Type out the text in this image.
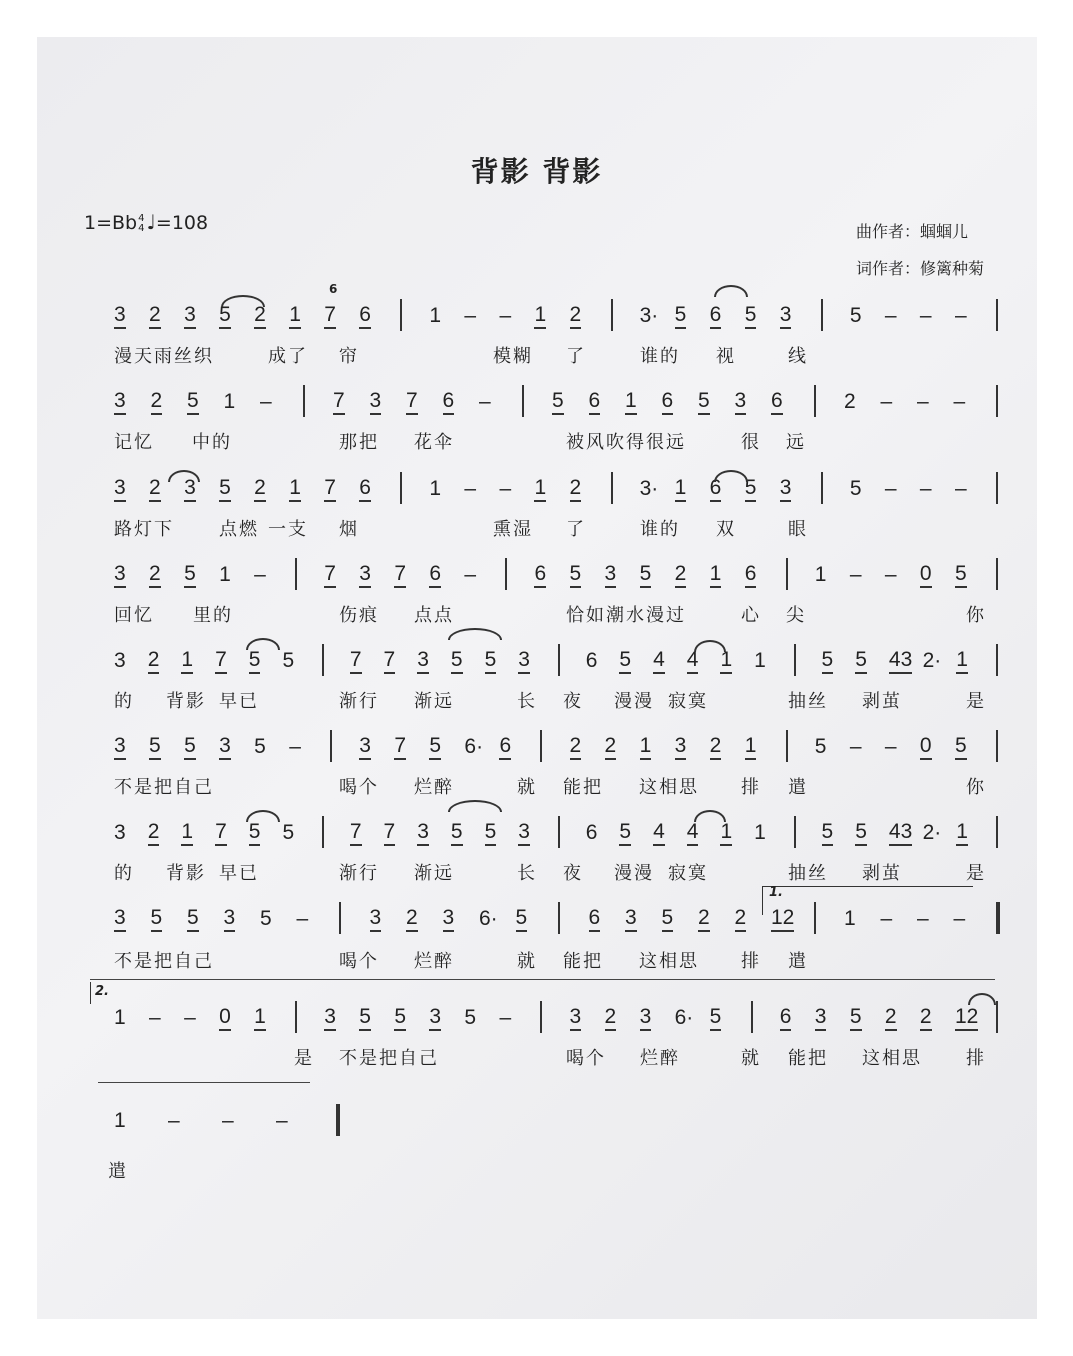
背影 背影
1=Bb4
4 ♩=108	曲作者：蝈蝈儿
词作者：修篱种菊
6
3 2 3 5 2 1 7 6	1 – – 1 2	3· 5 6 5 3	5 – – –
漫天雨丝织	成了 帘	模糊 了	谁的 视	线
3 2 5 1 –	7 3 7 6 –	5 6 1 6 5 3 6	2 – – –
记忆 中的	那把 花伞	被风吹得很远	很 远
3 2 3 5 2 1 7 6	1 – – 1 2	3· 1 6 5 3	5 – – –
路灯下	点燃 一支 烟	熏湿 了	谁的 双	眼
3 2 5 1 –	7 3 7 6 –	6 5 3 5 2 1 6	1 – – 0 5
回忆 里的	伤痕 点点	恰如潮水漫过	心 尖	你
3 2 1 7 5 5	7 7 3 5 5 3	6 5 4 4 1 1	5 5 43 2· 1
的 背影 早已	渐行 渐远	长 夜 漫漫 寂寞	抽丝 剥茧	是
3 5 5 3 5 –	3 7 5 6· 6	2 2 1 3 2 1	5 – – 0 5
不是把自己	喝个 烂醉	就 能把 这相思 排 遣	你
3 2 1 7 5 5	7 7 3 5 5 3	6 5 4 4 1 1	5 5 43 2· 1
的 背影 早已	渐行 渐远	长 夜 漫漫 寂寞	抽丝 剥茧	是
3 5 5 3 5 –	3 2 3 6· 5	6 3 5 2 2 12 1 – – –
不是把自己	喝个 烂醉	就 能把 这相思 排 遣
1 – – 0 1	3 5 5 3 5 –	3 2 3 6· 5	6 3 5 2 2 12
是 不是把自己	喝个 烂醉	就 能把 这相思 排
1 – – –
遣
1.
2.
